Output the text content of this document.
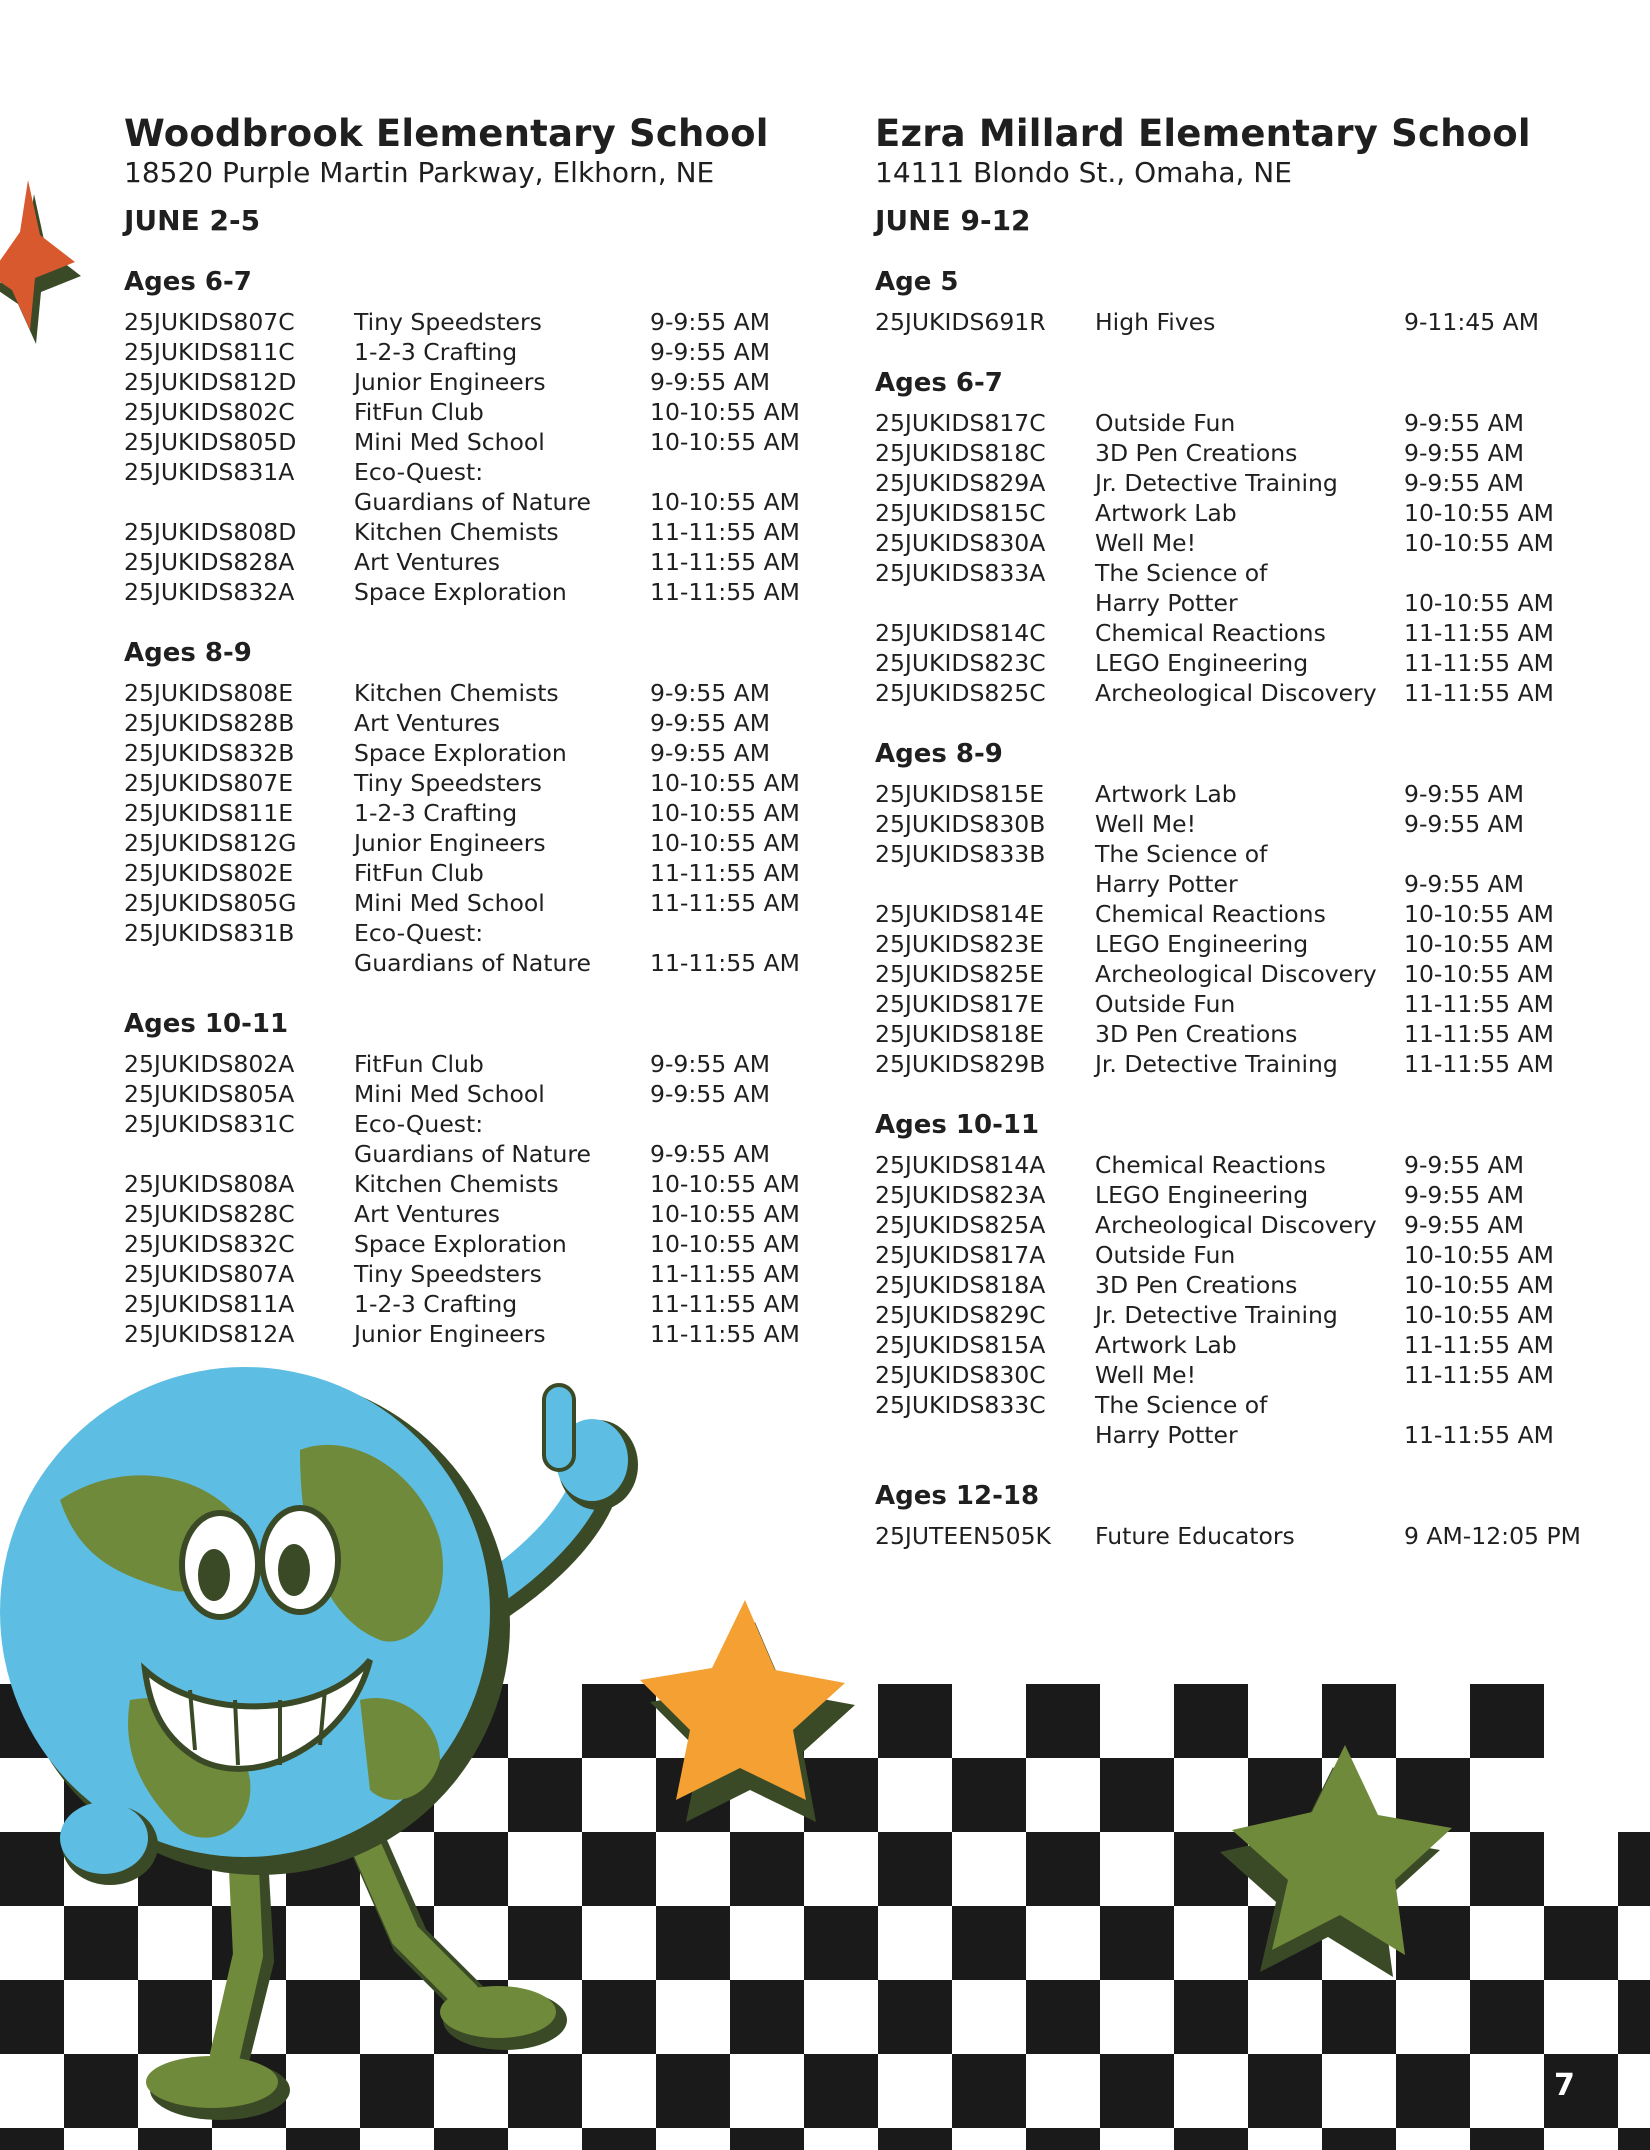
Woodbrook Elementary School

18520 Purple Martin Parkway, Elkhorn, NE

JUNE 2-5

Ages 6-7
25JUKIDS807C	Tiny Speedsters	9-9:55 AM
25JUKIDS811C	1-2-3 Crafting	9-9:55 AM
25JUKIDS812D	Junior Engineers	9-9:55 AM
25JUKIDS802C	FitFun Club	10-10:55 AM
25JUKIDS805D	Mini Med School	10-10:55 AM
25JUKIDS831A	Eco-Quest:
Guardians of Nature	10-10:55 AM
25JUKIDS808D	Kitchen Chemists	11-11:55 AM
25JUKIDS828A	Art Ventures	11-11:55 AM
25JUKIDS832A	Space Exploration	11-11:55 AM
Ages 8-9
25JUKIDS808E	Kitchen Chemists	9-9:55 AM
25JUKIDS828B	Art Ventures	9-9:55 AM
25JUKIDS832B	Space Exploration	9-9:55 AM
25JUKIDS807E	Tiny Speedsters	10-10:55 AM
25JUKIDS811E	1-2-3 Crafting	10-10:55 AM
25JUKIDS812G	Junior Engineers	10-10:55 AM
25JUKIDS802E	FitFun Club	11-11:55 AM
25JUKIDS805G	Mini Med School	11-11:55 AM
25JUKIDS831B	Eco-Quest:
Guardians of Nature	11-11:55 AM
Ages 10-11
25JUKIDS802A	FitFun Club	9-9:55 AM
25JUKIDS805A	Mini Med School	9-9:55 AM
25JUKIDS831C	Eco-Quest:
Guardians of Nature	9-9:55 AM
25JUKIDS808A	Kitchen Chemists	10-10:55 AM
25JUKIDS828C	Art Ventures	10-10:55 AM
25JUKIDS832C	Space Exploration	10-10:55 AM
25JUKIDS807A	Tiny Speedsters	11-11:55 AM
25JUKIDS811A	1-2-3 Crafting	11-11:55 AM
25JUKIDS812A	Junior Engineers	11-11:55 AM
Ezra Millard Elementary School

14111 Blondo St., Omaha, NE

JUNE 9-12

Age 5
25JUKIDS691R	High Fives	9-11:45 AM
Ages 6-7
25JUKIDS817C	Outside Fun	9-9:55 AM
25JUKIDS818C	3D Pen Creations	9-9:55 AM
25JUKIDS829A	Jr. Detective Training	9-9:55 AM
25JUKIDS815C	Artwork Lab	10-10:55 AM
25JUKIDS830A	Well Me!	10-10:55 AM
25JUKIDS833A	The Science of
Harry Potter	10-10:55 AM
25JUKIDS814C	Chemical Reactions	11-11:55 AM
25JUKIDS823C	LEGO Engineering	11-11:55 AM
25JUKIDS825C	Archeological Discovery	11-11:55 AM
Ages 8-9
25JUKIDS815E	Artwork Lab	9-9:55 AM
25JUKIDS830B	Well Me!	9-9:55 AM
25JUKIDS833B	The Science of
Harry Potter	9-9:55 AM
25JUKIDS814E	Chemical Reactions	10-10:55 AM
25JUKIDS823E	LEGO Engineering	10-10:55 AM
25JUKIDS825E	Archeological Discovery	10-10:55 AM
25JUKIDS817E	Outside Fun	11-11:55 AM
25JUKIDS818E	3D Pen Creations	11-11:55 AM
25JUKIDS829B	Jr. Detective Training	11-11:55 AM
Ages 10-11
25JUKIDS814A	Chemical Reactions	9-9:55 AM
25JUKIDS823A	LEGO Engineering	9-9:55 AM
25JUKIDS825A	Archeological Discovery	9-9:55 AM
25JUKIDS817A	Outside Fun	10-10:55 AM
25JUKIDS818A	3D Pen Creations	10-10:55 AM
25JUKIDS829C	Jr. Detective Training	10-10:55 AM
25JUKIDS815A	Artwork Lab	11-11:55 AM
25JUKIDS830C	Well Me!	11-11:55 AM
25JUKIDS833C	The Science of
Harry Potter	11-11:55 AM
Ages 12-18
25JUTEEN505K	Future Educators	9 AM-12:05 PM
7
